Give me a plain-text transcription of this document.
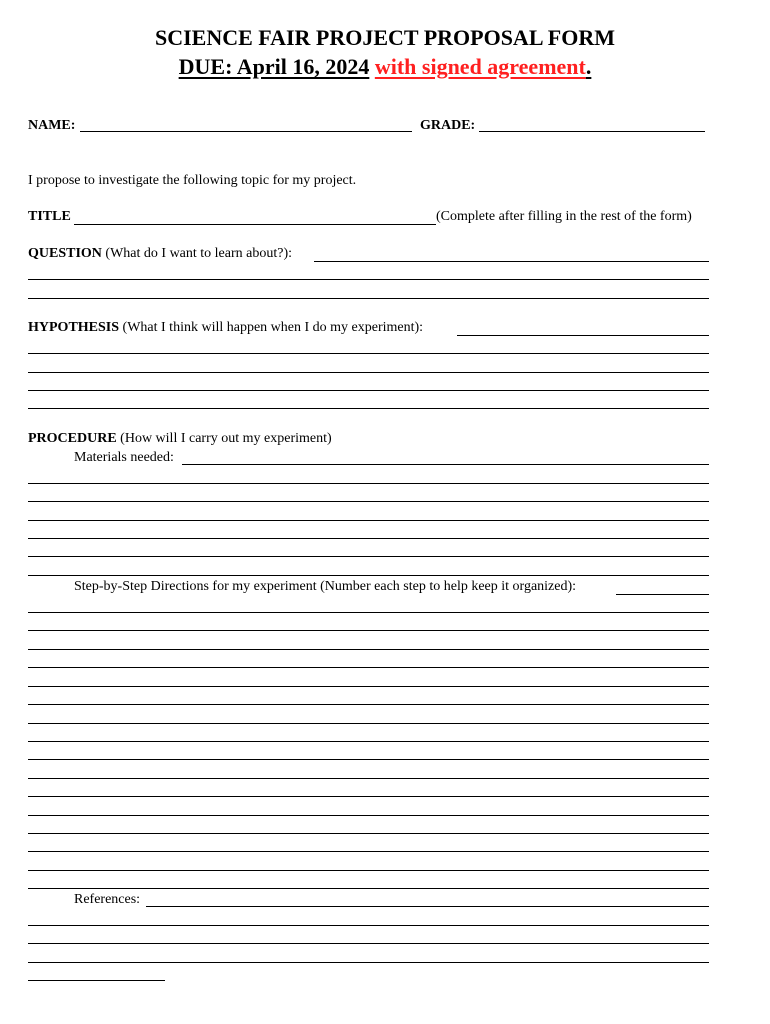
SCIENCE FAIR PROJECT PROPOSAL FORM
DUE: April 16, 2024 with signed agreement.
NAME:	GRADE:
I propose to investigate the following topic for my project.
TITLE	(Complete after filling in the rest of the form)
QUESTION (What do I want to learn about?):
HYPOTHESIS (What I think will happen when I do my experiment):
PROCEDURE (How will I carry out my experiment)
Materials needed:
Step-by-Step Directions for my experiment (Number each step to help keep it organized):
References:
